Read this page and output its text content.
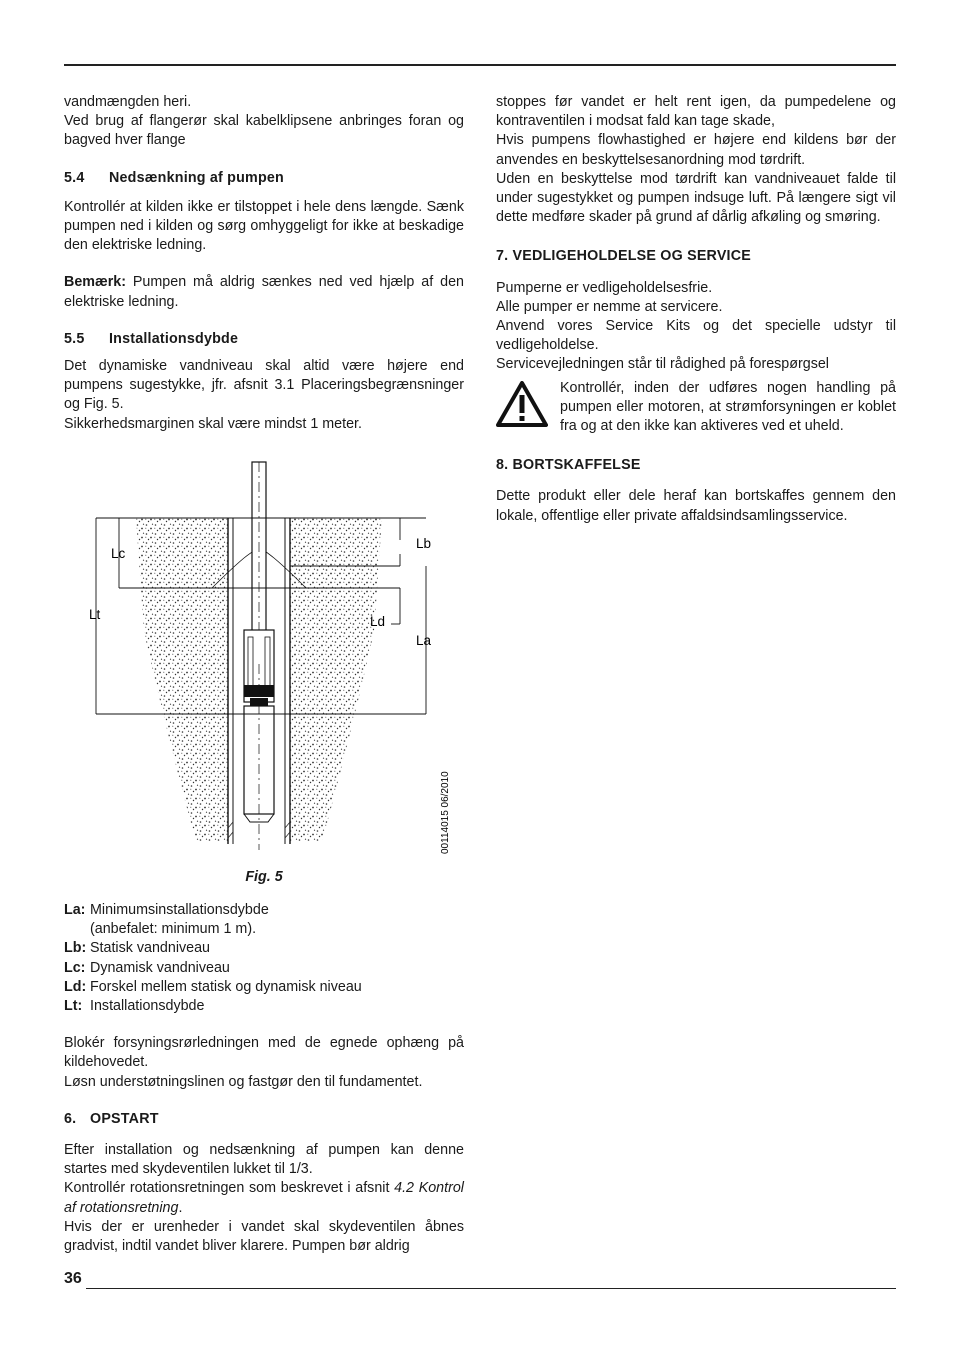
vandmængden heri.

Ved brug af flangerør skal kabelklipsene anbringes foran og bagved hver flange

5.4 Nedsænkning af pumpen

Kontrollér at kilden ikke er tilstoppet i hele dens længde. Sænk pumpen ned i kilden og sørg omhyggeligt for ikke at beskadige den elektriske ledning.

Bemærk: Pumpen må aldrig sænkes ned ved hjælp af den elektriske ledning.

5.5 Installationsdybde

Det dynamiske vandniveau skal altid være højere end pumpens sugestykke, jfr. afsnit 3.1 Placeringsbegrænsninger og Fig. 5.

Sikkerhedsmarginen skal være mindst 1 meter.

Lc
Lt
Lb
Ld
La
00114015 06/2010
Fig. 5
La: Minimumsinstallationsdybde
(anbefalet: minimum 1 m).
Lb: Statisk vandniveau
Lc: Dynamisk vandniveau
Ld: Forskel mellem statisk og dynamisk niveau
Lt: Installationsdybde

Blokér forsyningsrørledningen med de egnede ophæng på kildehovedet.

Løsn understøtningslinen og fastgør den til fundamentet.

6. OPSTART

Efter installation og nedsænkning af pumpen kan denne startes med skydeventilen lukket til 1/3.

Kontrollér rotationsretningen som beskrevet i afsnit 4.2 Kontrol af rotationsretning.

Hvis der er urenheder i vandet skal skydeventilen åbnes gradvist, indtil vandet bliver klarere. Pumpen bør aldrig

stoppes før vandet er helt rent igen, da pumpedelene og kontraventilen i modsat fald kan tage skade,

Hvis pumpens flowhastighed er højere end kildens bør der anvendes en beskyttelsesanordning mod tørdrift.

Uden en beskyttelse mod tørdrift kan vandniveauet falde til under sugestykket og pumpen indsuge luft. På længere sigt vil dette medføre skader på grund af dårlig afkøling og smøring.

7. VEDLIGEHOLDELSE OG SERVICE

Pumperne er vedligeholdelsesfrie.

Alle pumper er nemme at servicere.

Anvend vores Service Kits og det specielle udstyr til vedligeholdelse.

Servicevejledningen står til rådighed på forespørgsel

Kontrollér, inden der udføres nogen handling på pumpen eller motoren, at strømforsyningen er koblet fra og at den ikke kan aktiveres ved et uheld.
8. BORTSKAFFELSE

Dette produkt eller dele heraf kan bortskaffes gennem den lokale, offentlige eller private affaldsindsamlingsservice.

36
